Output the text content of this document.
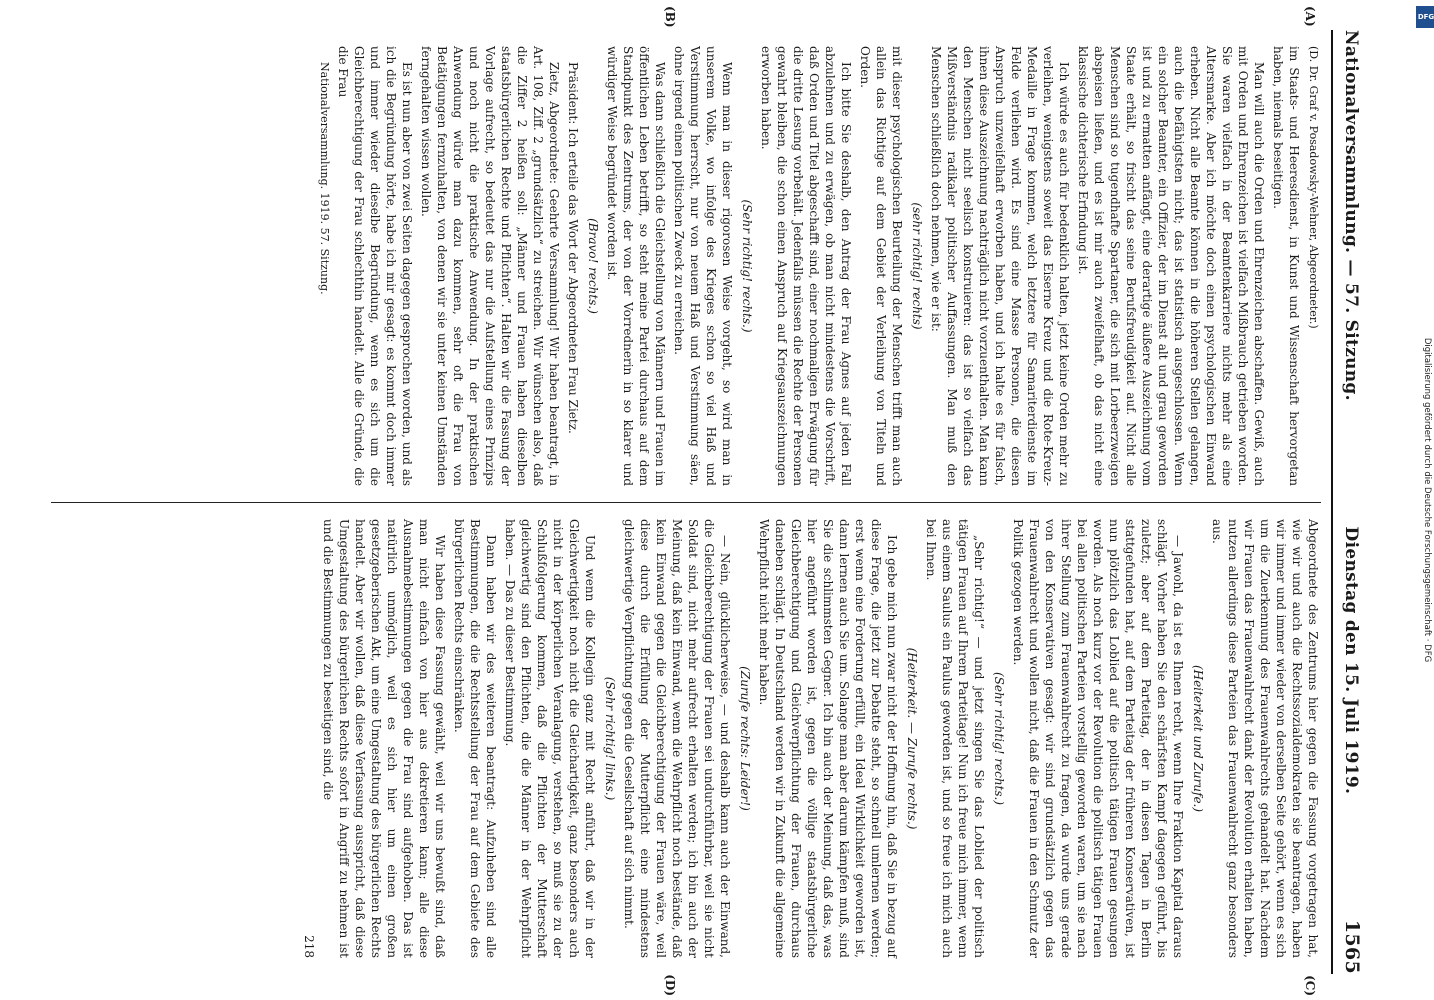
DFG
Digitalisierung gefördert durch die Deutsche Forschungsgemeinschaft · DFG
Nationalversammlung. — 57. Sitzung.
Dienstag den 15. Juli 1919.
1565

(D. Dr. Graf v. Posadowsky-Wehner, Abgeordneter.)

im Staats- und Heeresdienst, in Kunst und Wissenschaft hervorgetan haben, niemals beseitigen.

Man will auch die Orden und Ehrenzeichen abschaffen. Gewiß, auch mit Orden und Ehrenzeichen ist vielfach Mißbrauch getrieben worden. Sie waren vielfach in der Beamtenkarriere nichts mehr als eine Altersmarke. Aber ich möchte doch einen psychologischen Einwand erheben. Nicht alle Beamte können in die höheren Stellen gelangen, auch die befähigtsten nicht; das ist statistisch ausgeschlossen. Wenn ein solcher Beamter, ein Offizier, der im Dienst alt und grau geworden ist und zu ermatten anfängt, eine derartige äußere Auszeichnung vom Staate erhält, so frischt das seine Berufsfreudigkeit auf. Nicht alle Menschen sind so tugendhafte Spartaner, die sich mit Lorbeerzweigen abspeisen ließen, und es ist mir auch zweifelhaft, ob das nicht eine klassische dichterische Erfindung ist.

Ich würde es auch für bedenklich halten, jetzt keine Orden mehr zu verleihen, wenigstens soweit das Eiserne Kreuz und die Rote-Kreuz-Medaille in Frage kommen, welch letztere für Samariterdienste im Felde verliehen wird. Es sind eine Masse Personen, die diesen Anspruch unzweifelhaft erworben haben, und ich halte es für falsch, ihnen diese Auszeichnung nachträglich nicht vorzuenthalten. Man kann den Menschen nicht seelisch konstruieren: das ist so vielfach das Mißverständnis radikaler politischer Auffassungen. Man muß den Menschen schließlich doch nehmen, wie er ist:

(sehr richtig! rechts)

mit dieser psychologischen Beurteilung der Menschen trifft man auch allein das Richtige auf dem Gebiet der Verleihung von Titeln und Orden.

Ich bitte Sie deshalb, den Antrag der Frau Agnes auf jeden Fall abzulehnen und zu erwägen, ob man nicht mindestens die Vorschrift, daß Orden und Titel abgeschafft sind, einer nochmaligen Erwägung für die dritte Lesung vorbehält. Jedenfalls müssen die Rechte der Personen gewahrt bleiben, die schon einen Anspruch auf Kriegsauszeichnungen erworben haben.

(Sehr richtig! rechts.)

Wenn man in dieser rigorosen Weise vorgeht, so wird man in unserem Volke, wo infolge des Krieges schon so viel Haß und Verstimmung herrscht, nur von neuem Haß und Verstimmung säen, ohne irgend einen politischen Zweck zu erreichen.

Was dann schließlich die Gleichstellung von Männern und Frauen im öffentlichen Leben betrifft, so steht meine Partei durchaus auf dem Standpunkt des Zentrums, der von der Vorrednerin in so klarer und würdiger Weise begründet worden ist.

(Bravo! rechts.)

Präsident: Ich erteile das Wort der Abgeordneten Frau Zietz.

Zietz, Abgeordnete: Geehrte Versammlung! Wir haben beantragt, in Art. 108, Ziff. 2 „grundsätzlich“ zu streichen. Wir wünschen also, daß die Ziffer 2 heißen soll: „Männer und Frauen haben dieselben staatsbürgerlichen Rechte und Pflichten“. Halten wir die Fassung der Vorlage aufrecht, so bedeutet das nur die Aufstellung eines Prinzips und noch nicht die praktische Anwendung. In der praktischen Anwendung würde man dazu kommen, sehr oft die Frau von Betätigungen fernzuhalten, von denen wir sie unter keinen Umständen ferngehalten wissen wollen.

Es ist nun aber von zwei Seiten dagegen gesprochen worden, und als ich die Begründung hörte, habe ich mir gesagt: es kommt doch immer und immer wieder dieselbe Begründung, wenn es sich um die Gleichberechtigung der Frau schlechthin handelt. Alle die Gründe, die die Frau

Nationalversammlung. 1919. 57. Sitzung.

Abgeordnete des Zentrums hier gegen die Fassung vorgetragen hat, wie wir und auch die Rechtssozialdemokraten sie beantragen, haben wir immer und immer wieder von derselben Seite gehört, wenn es sich um die Zuerkennung des Frauenwahlrechts gehandelt hat. Nachdem wir Frauen das Frauenwahlrecht dank der Revolution erhalten haben, nutzen allerdings diese Parteien das Frauenwahlrecht ganz besonders aus.

(Heiterkeit und Zurufe.)

— Jawohl, da ist es Ihnen recht, wenn Ihre Fraktion Kapital daraus schlägt. Vorher haben Sie den schärfsten Kampf dagegen geführt, bis zuletzt; aber auf dem Parteitag, der in diesen Tagen in Berlin stattgefunden hat, auf dem Parteitag der früheren Konservativen, ist nun plötzlich das Loblied auf die politisch tätigen Frauen gesungen worden. Als noch kurz vor der Revolution die politisch tätigen Frauen bei allen politischen Parteien vorstellig geworden waren, um sie nach ihrer Stellung zum Frauenwahlrecht zu fragen, da wurde uns gerade von den Konservativen gesagt: wir sind grundsätzlich gegen das Frauenwahlrecht und wollen nicht, daß die Frauen in den Schmutz der Politik gezogen werden.

(Sehr richtig! rechts.)

„Sehr richtig!“ — und jetzt singen Sie das Loblied der politisch tätigen Frauen auf Ihrem Parteitage! Nun ich freue mich immer, wenn aus einem Saulus ein Paulus geworden ist, und so freue ich mich auch bei Ihnen.

(Heiterkeit. — Zurufe rechts.)

Ich gebe mich nun zwar nicht der Hoffnung hin, daß Sie in bezug auf diese Frage, die jetzt zur Debatte steht, so schnell umlernen werden; erst wenn eine Forderung erfüllt, ein Ideal Wirklichkeit geworden ist, dann lernen auch Sie um. Solange man aber darum kämpfen muß, sind Sie die schlimmsten Gegner. Ich bin auch der Meinung, daß das, was hier angeführt worden ist, gegen die völlige staatsbürgerliche Gleichberechtigung und Gleichverpflichtung der Frauen, durchaus daneben schlägt. In Deutschland werden wir in Zukunft die allgemeine Wehrpflicht nicht mehr haben.

(Zurufe rechts: Leider!)

— Nein, glücklicherweise, — und deshalb kann auch der Einwand, die Gleichberechtigung der Frauen sei undurchführbar, weil sie nicht Soldat sind, nicht mehr aufrecht erhalten werden; ich bin auch der Meinung, daß kein Einwand, wenn die Wehrpflicht noch bestände, daß kein Einwand gegen die Gleichberechtigung der Frauen wäre, weil diese durch die Erfüllung der Mutterpflicht eine mindestens gleichwertige Verpflichtung gegen die Gesellschaft auf sich nimmt.

(Sehr richtig! links.)

Und wenn die Kollegin ganz mit Recht anführt, daß wir in der Gleichwertigkeit noch nicht die Gleichartigkeit, ganz besonders auch nicht in der körperlichen Veranlagung, verstehen, so muß sie zu der Schlußfolgerung kommen, daß die Pflichten der Mutterschaft gleichwertig sind den Pflichten, die die Männer in der Wehrpflicht haben. — Das zu dieser Bestimmung.

Dann haben wir des weiteren beantragt: Aufzuheben sind alle Bestimmungen, die die Rechtsstellung der Frau auf dem Gebiete des bürgerlichen Rechts einschränken.

Wir haben diese Fassung gewählt, weil wir uns bewußt sind, daß man nicht einfach von hier aus dekretieren kann; alle diese Ausnahmebestimmungen gegen die Frau sind aufgehoben. Das ist natürlich unmöglich, weil es sich hier um einen großen gesetzgeberischen Akt, um eine Umgestaltung des bürgerlichen Rechts handelt. Aber wir wollen, daß diese Verfassung ausspricht, daß diese Umgestaltung des bürgerlichen Rechts sofort in Angriff zu nehmen ist und die Bestimmungen zu beseitigen sind, die

218

(A)
(B)
(C)
(D)
